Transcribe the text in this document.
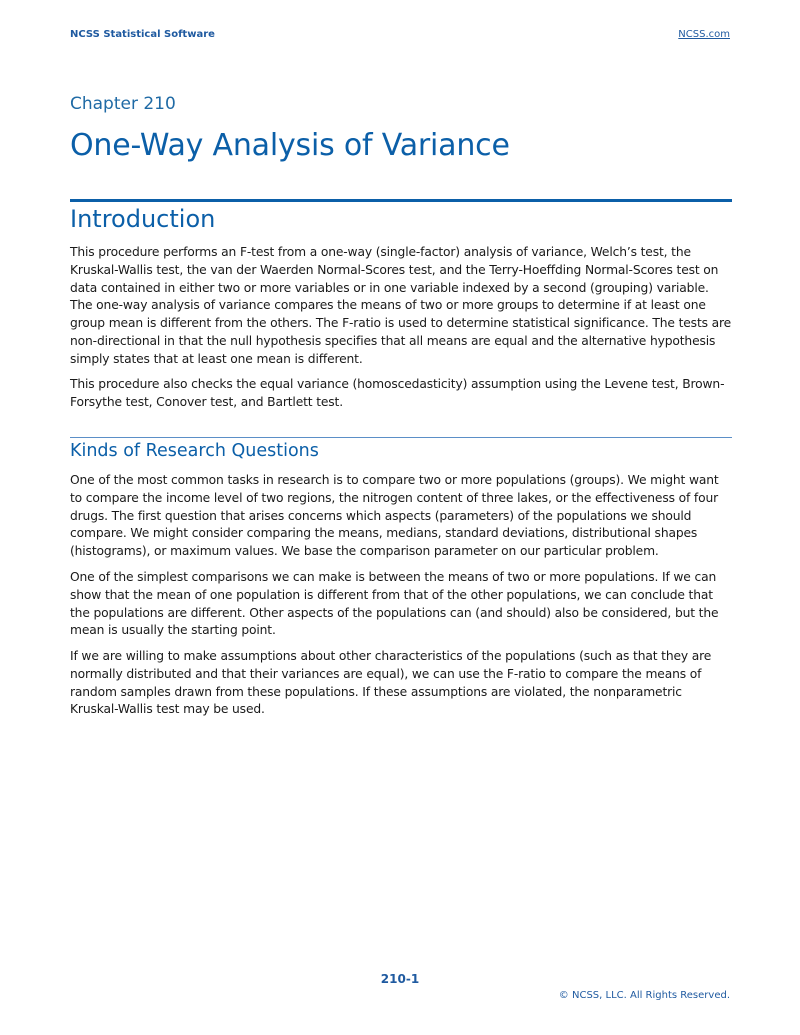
NCSS Statistical Software	NCSS.com
Chapter 210
One-Way Analysis of Variance
Introduction

This procedure performs an F-test from a one-way (single-factor) analysis of variance, Welch’s test, the Kruskal-Wallis test, the van der Waerden Normal-Scores test, and the Terry-Hoeffding Normal-Scores test on data contained in either two or more variables or in one variable indexed by a second (grouping) variable. The one-way analysis of variance compares the means of two or more groups to determine if at least one group mean is different from the others. The F-ratio is used to determine statistical significance. The tests are non-directional in that the null hypothesis specifies that all means are equal and the alternative hypothesis simply states that at least one mean is different.

This procedure also checks the equal variance (homoscedasticity) assumption using the Levene test, Brown-Forsythe test, Conover test, and Bartlett test.

Kinds of Research Questions

One of the most common tasks in research is to compare two or more populations (groups). We might want to compare the income level of two regions, the nitrogen content of three lakes, or the effectiveness of four drugs. The first question that arises concerns which aspects (parameters) of the populations we should compare. We might consider comparing the means, medians, standard deviations, distributional shapes (histograms), or maximum values. We base the comparison parameter on our particular problem.

One of the simplest comparisons we can make is between the means of two or more populations. If we can show that the mean of one population is different from that of the other populations, we can conclude that the populations are different. Other aspects of the populations can (and should) also be considered, but the mean is usually the starting point.

If we are willing to make assumptions about other characteristics of the populations (such as that they are normally distributed and that their variances are equal), we can use the F-ratio to compare the means of random samples drawn from these populations. If these assumptions are violated, the nonparametric Kruskal-Wallis test may be used.

210-1
© NCSS, LLC. All Rights Reserved.
